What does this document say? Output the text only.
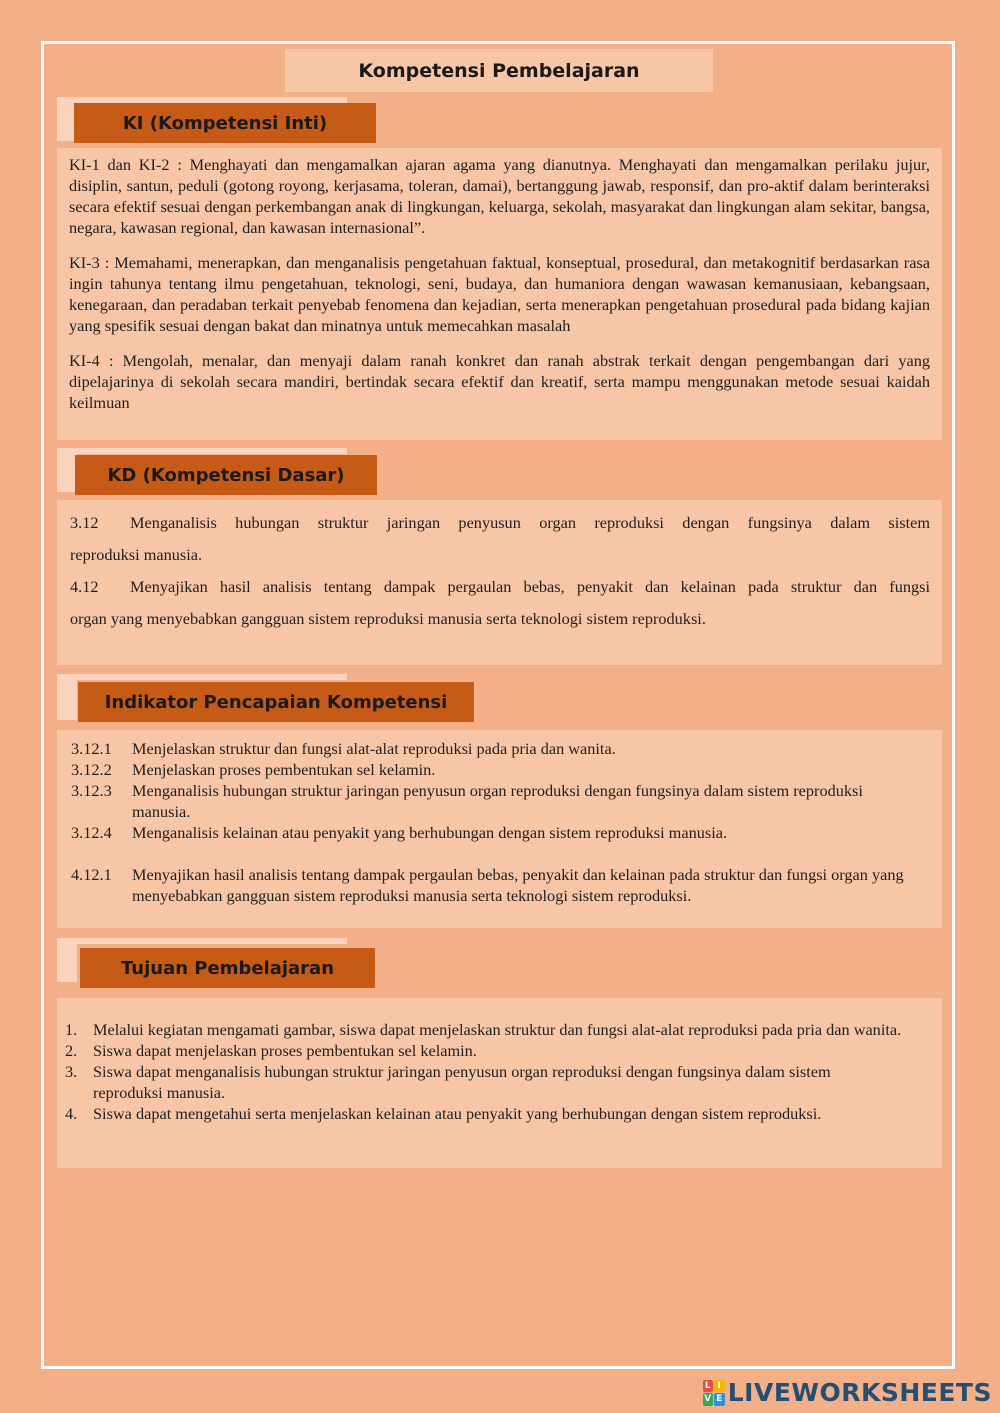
Kompetensi Pembelajaran
KI (Kompetensi Inti)

KI-1 dan KI-2 : Menghayati dan mengamalkan ajaran agama yang dianutnya. Menghayati dan mengamalkan perilaku jujur, disiplin, santun, peduli (gotong royong, kerjasama, toleran, damai), bertanggung jawab, responsif, dan pro-aktif dalam berinteraksi secara efektif sesuai dengan perkembangan anak di lingkungan, keluarga, sekolah, masyarakat dan lingkungan alam sekitar, bangsa, negara, kawasan regional, dan kawasan internasional”.

KI-3 : Memahami, menerapkan, dan menganalisis pengetahuan faktual, konseptual, prosedural, dan metakognitif berdasarkan rasa ingin tahunya tentang ilmu pengetahuan, teknologi, seni, budaya, dan humaniora dengan wawasan kemanusiaan, kebangsaan, kenegaraan, dan peradaban terkait penyebab fenomena dan kejadian, serta menerapkan pengetahuan prosedural pada bidang kajian yang spesifik sesuai dengan bakat dan minatnya untuk memecahkan masalah

KI-4 : Mengolah, menalar, dan menyaji dalam ranah konkret dan ranah abstrak terkait dengan pengembangan dari yang dipelajarinya di sekolah secara mandiri, bertindak secara efektif dan kreatif, serta mampu menggunakan metode sesuai kaidah keilmuan

KD (Kompetensi Dasar)
3.12	Menganalisis hubungan struktur jaringan penyusun organ reproduksi dengan fungsinya dalam sistem
reproduksi manusia.
4.12	Menyajikan hasil analisis tentang dampak pergaulan bebas, penyakit dan kelainan pada struktur dan fungsi
organ yang menyebabkan gangguan sistem reproduksi manusia serta teknologi sistem reproduksi.
Indikator Pencapaian Kompetensi
3.12.1	Menjelaskan struktur dan fungsi alat-alat reproduksi pada pria dan wanita.
3.12.2	Menjelaskan proses pembentukan sel kelamin.
3.12.3	Menganalisis hubungan struktur jaringan penyusun organ reproduksi dengan fungsinya dalam sistem reproduksi manusia.
3.12.4	Menganalisis kelainan atau penyakit yang berhubungan dengan sistem reproduksi manusia.
4.12.1	Menyajikan hasil analisis tentang dampak pergaulan bebas, penyakit dan kelainan pada struktur dan fungsi organ yang menyebabkan gangguan sistem reproduksi manusia serta teknologi sistem reproduksi.
Tujuan Pembelajaran
1. Melalui kegiatan mengamati gambar, siswa dapat menjelaskan struktur dan fungsi alat-alat reproduksi pada pria dan wanita.
2. Siswa dapat menjelaskan proses pembentukan sel kelamin.
3. Siswa dapat menganalisis hubungan struktur jaringan penyusun organ reproduksi dengan fungsinya dalam sistem reproduksi manusia.
4. Siswa dapat mengetahui serta menjelaskan kelainan atau penyakit yang berhubungan dengan sistem reproduksi.
L I
V E LIVEWORKSHEETS
